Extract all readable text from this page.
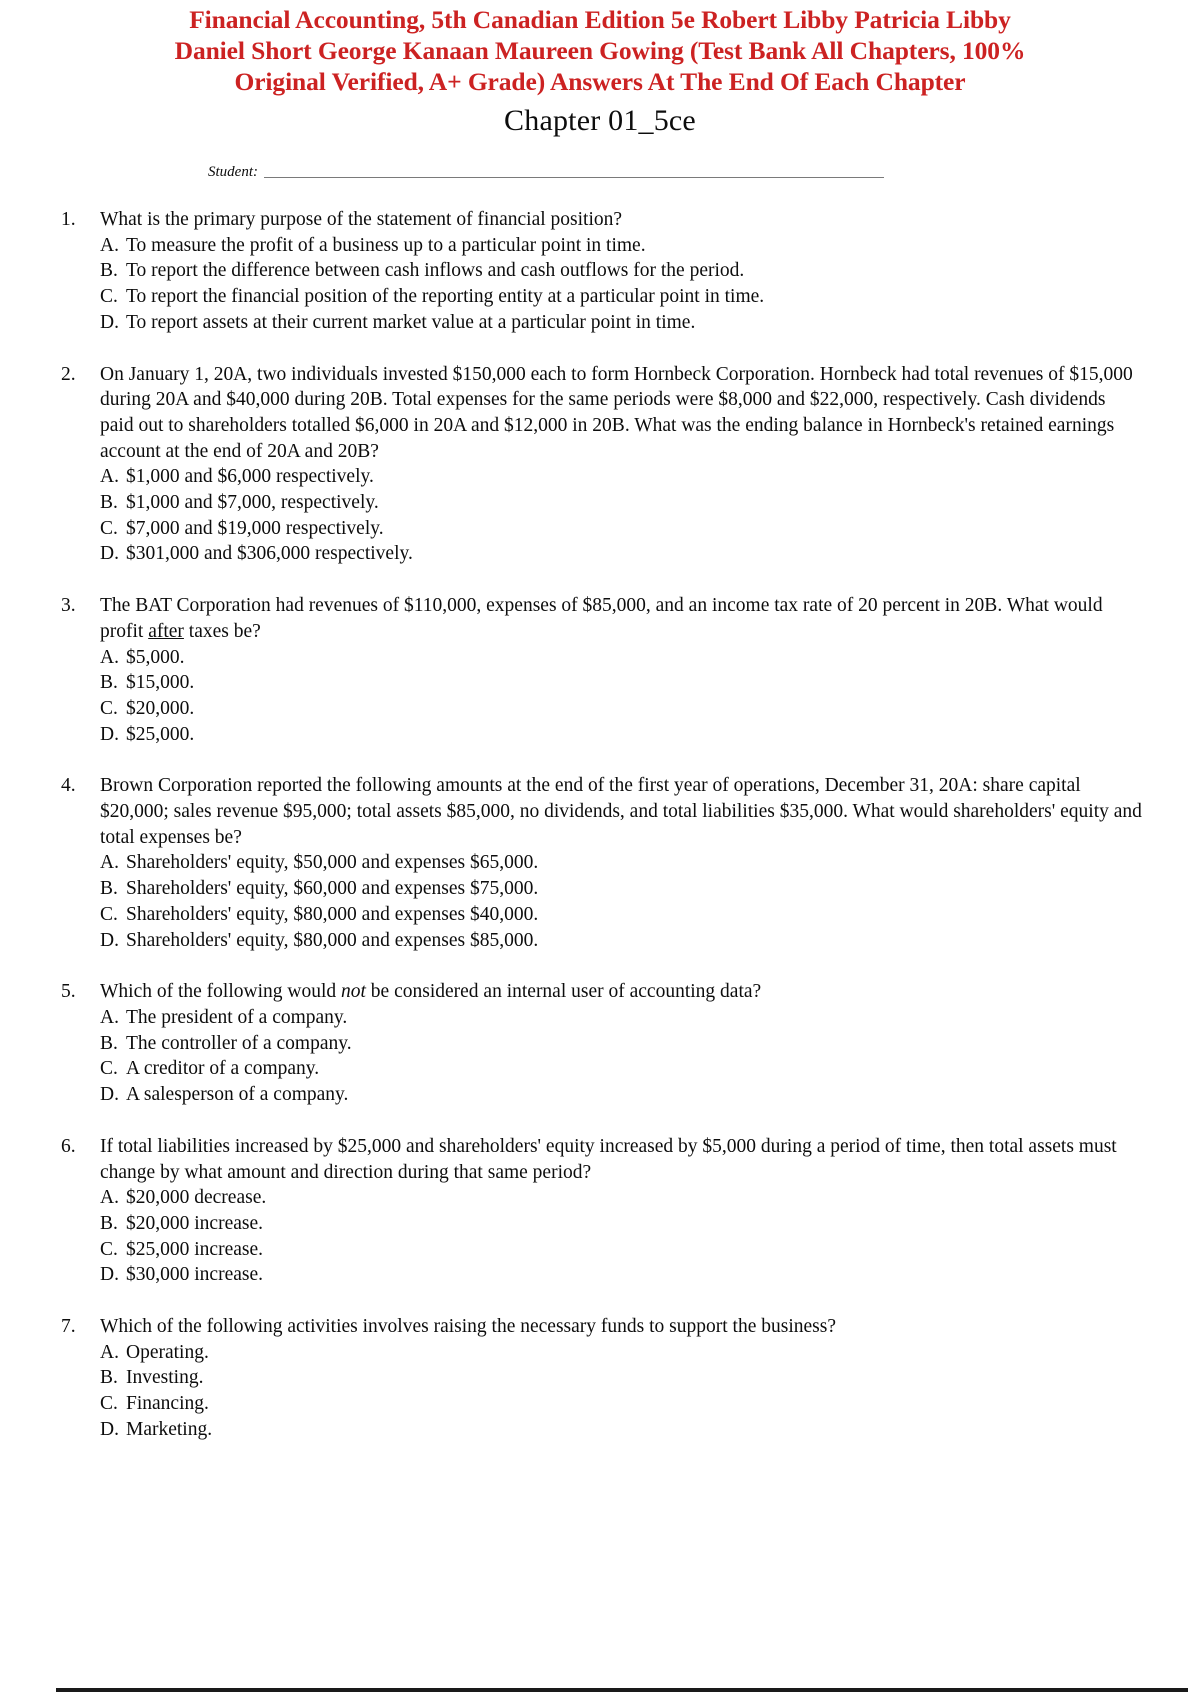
Financial Accounting, 5th Canadian Edition 5e Robert Libby Patricia Libby
Daniel Short George Kanaan Maureen Gowing (Test Bank All Chapters, 100%
Original Verified, A+ Grade) Answers At The End Of Each Chapter
Chapter 01_5ce
Student:
1.	What is the primary purpose of the statement of financial position?

A. To measure the profit of a business up to a particular point in time.
B. To report the difference between cash inflows and cash outflows for the period.
C. To report the financial position of the reporting entity at a particular point in time.
D. To report assets at their current market value at a particular point in time.
2.	On January 1, 20A, two individuals invested $150,000 each to form Hornbeck Corporation. Hornbeck had total revenues of $15,000 during 20A and $40,000 during 20B. Total expenses for the same periods were $8,000 and $22,000, respectively. Cash dividends paid out to shareholders totalled $6,000 in 20A and $12,000 in 20B. What was the ending balance in Hornbeck's retained earnings account at the end of 20A and 20B?

A. $1,000 and $6,000 respectively.
B. $1,000 and $7,000, respectively.
C. $7,000 and $19,000 respectively.
D. $301,000 and $306,000 respectively.
3.	The BAT Corporation had revenues of $110,000, expenses of $85,000, and an income tax rate of 20 percent in 20B. What would profit after taxes be?

A. $5,000.
B. $15,000.
C. $20,000.
D. $25,000.
4.	Brown Corporation reported the following amounts at the end of the first year of operations, December 31, 20A: share capital $20,000; sales revenue $95,000; total assets $85,000, no dividends, and total liabilities $35,000. What would shareholders' equity and total expenses be?

A. Shareholders' equity, $50,000 and expenses $65,000.
B. Shareholders' equity, $60,000 and expenses $75,000.
C. Shareholders' equity, $80,000 and expenses $40,000.
D. Shareholders' equity, $80,000 and expenses $85,000.
5.	Which of the following would not be considered an internal user of accounting data?

A. The president of a company.
B. The controller of a company.
C. A creditor of a company.
D. A salesperson of a company.
6.	If total liabilities increased by $25,000 and shareholders' equity increased by $5,000 during a period of time, then total assets must change by what amount and direction during that same period?

A. $20,000 decrease.
B. $20,000 increase.
C. $25,000 increase.
D. $30,000 increase.
7.	Which of the following activities involves raising the necessary funds to support the business?

A. Operating.
B. Investing.
C. Financing.
D. Marketing.
